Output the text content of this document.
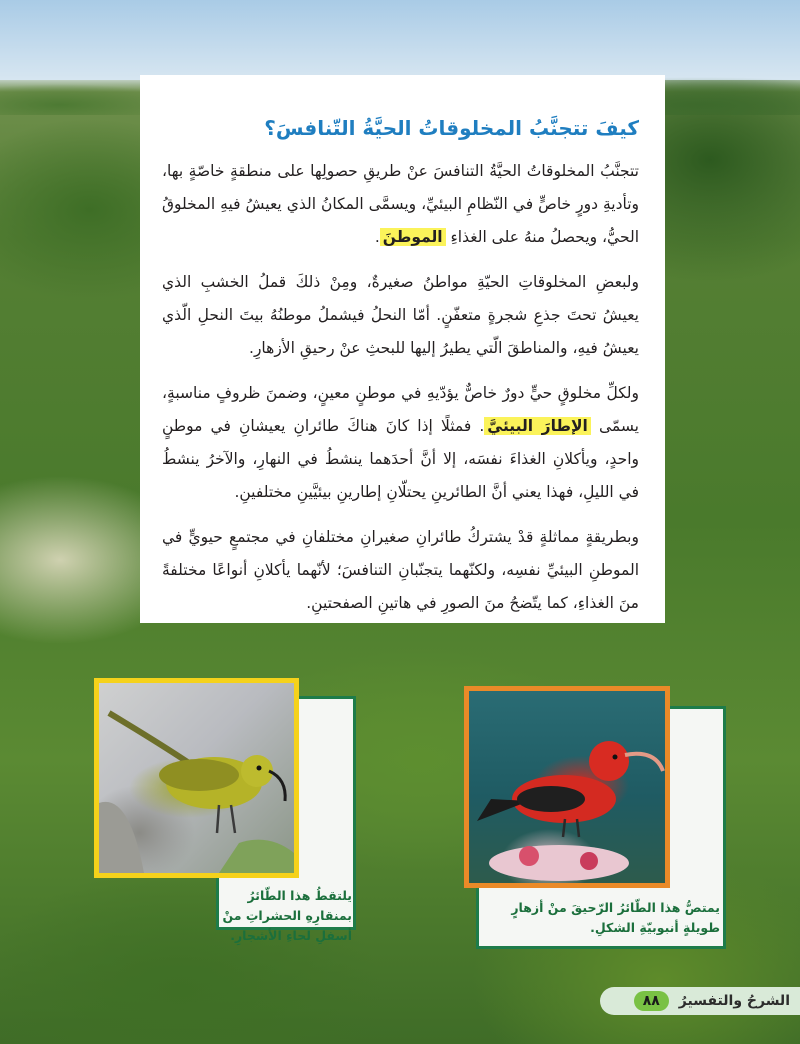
كيفَ تتجنَّبُ المخلوقاتُ الحيَّةُ التّنافسَ؟

تتجنَّبُ المخلوقاتُ الحيَّةُ التنافسَ عنْ طريقِ حصولِها على منطقةٍ خاصّةٍ بها، وتأديةِ دورٍ خاصٍّ في النّظامِ البيئيِّ، ويسمَّى المكانُ الذي يعيشُ فيهِ المخلوقُ الحيُّ، ويحصلُ منهُ على الغذاءِ الموطنَ.

ولبعضِ المخلوقاتِ الحيّةِ مواطنُ صغيرةٌ، ومِنْ ذلكَ قملُ الخشبِ الذي يعيشُ تحتَ جذعِ شجرةٍ متعفّنٍ. أمّا النحلُ فيشملُ موطنُهُ بيتَ النحلِ الّذي يعيشُ فيهِ، والمناطقَ الّتي يطيرُ إليها للبحثِ عنْ رحيقِ الأزهارِ.

ولكلِّ مخلوقٍ حيٍّ دورٌ خاصٌّ يؤدّيهِ في موطنٍ معينٍ، وضمنَ ظروفٍ مناسبةٍ، يسمّى الإطارَ البيئيَّ. فمثلًا إذا كانَ هناكَ طائرانِ يعيشانِ في موطنٍ واحدٍ، ويأكلانِ الغذاءَ نفسَه، إلا أنَّ أحدَهما ينشطُ في النهارِ، والآخرُ ينشطُ في الليلِ، فهذا يعني أنَّ الطائرينِ يحتلّانِ إطارينِ بيئيَّينِ مختلفينِ.

وبطريقةٍ مماثلةٍ قدْ يشتركُ طائرانِ صغيرانِ مختلفانِ في مجتمعٍ حيويٍّ في الموطنِ البيئيِّ نفسِه، ولكنّهما يتجنّبانِ التنافسَ؛ لأنّهما يأكلانِ أنواعًا مختلفةً منَ الغذاءِ، كما يتّضحُ منَ الصورِ في هاتينِ الصفحتينِ.

يلتقطُ هذا الطّائرُ بمنقارِهِ الحشراتِ منْ أسفلِ لحاءِ الأشجارِ.
يمتصُّ هذا الطّائرُ الرّحيقَ منْ أزهارٍ طويلةٍ أنبوبيّةِ الشكلِ.
الشرحُ والتفسيرُ
٨٨
